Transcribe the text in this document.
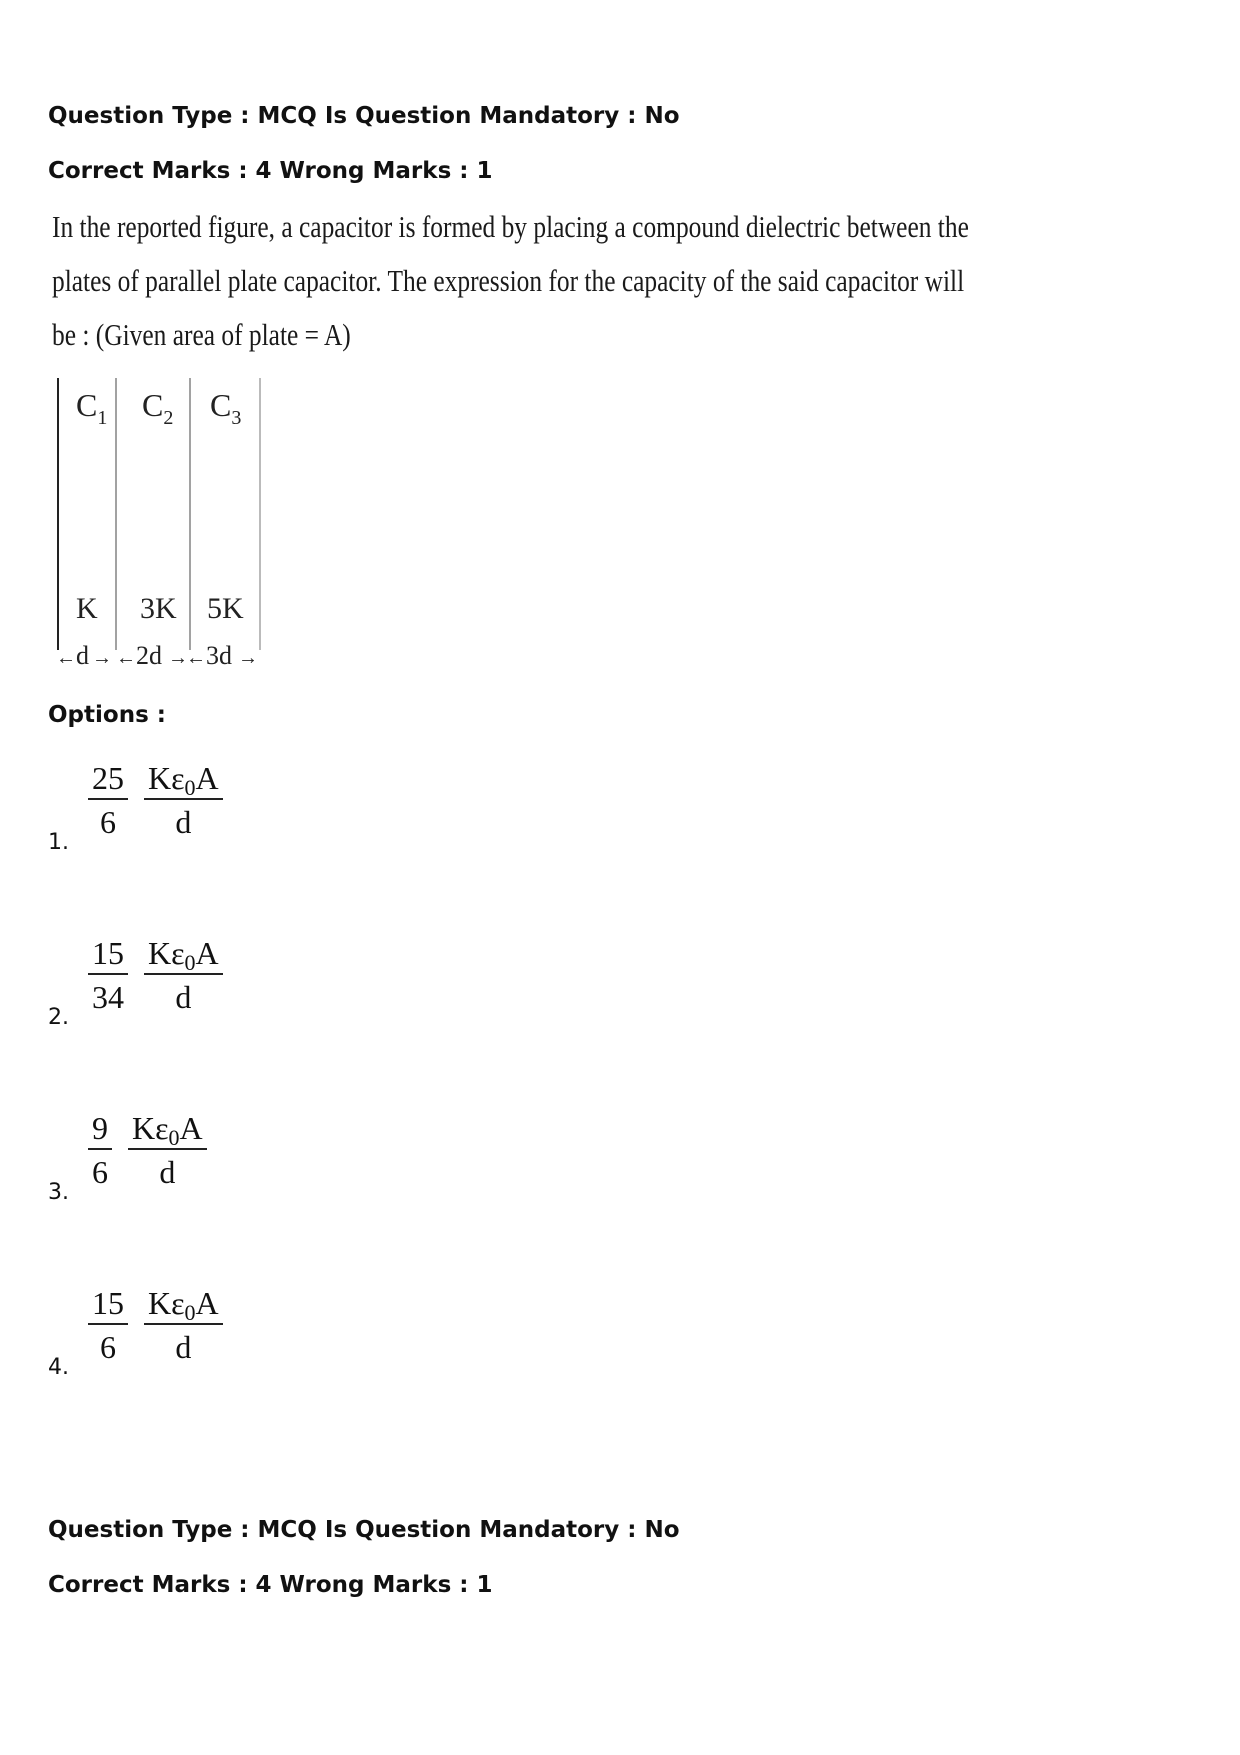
Question Type : MCQ Is Question Mandatory : No
Correct Marks : 4 Wrong Marks : 1
In the reported figure, a capacitor is formed by placing a compound dielectric between the
plates of parallel plate capacitor. The expression for the capacity of the said capacitor will
be : (Given area of plate = A)
$C_1$ $C_2$ $C_3$
K 3K 5K
← d → ← 2d →
← 3d →
Options :
1. $\frac{25}{6} \frac{K\varepsilon_0A}{d}$
2. $\frac{15}{34} \frac{K\varepsilon_0A}{d}$
3. $\frac{9}{6} \frac{K\varepsilon_0A}{d}$
4. $\frac{15}{6} \frac{K\varepsilon_0A}{d}$
Question Type : MCQ Is Question Mandatory : No
Correct Marks : 4 Wrong Marks : 1
